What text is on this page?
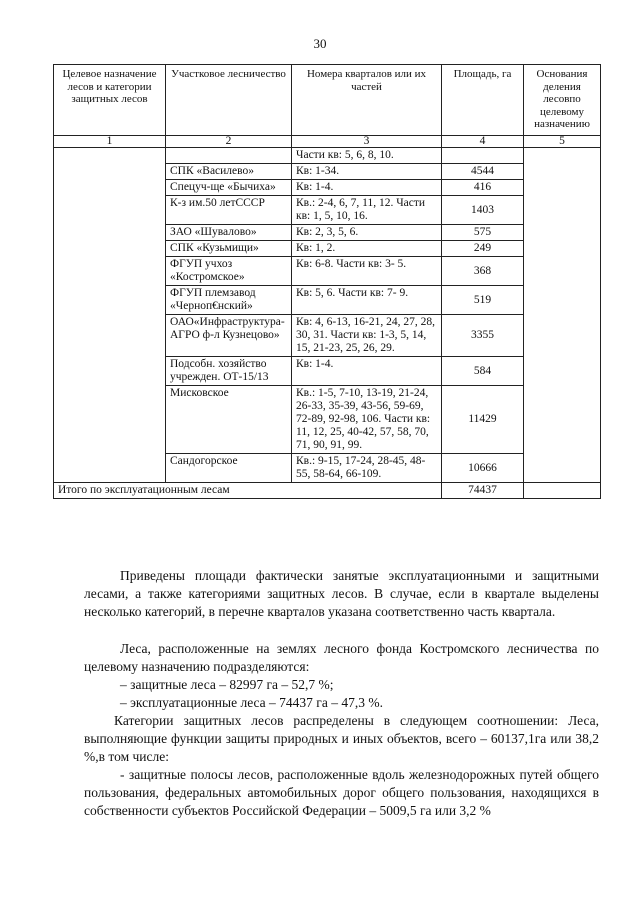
30
Целевое назначение лесов и категории защитных лесов	Участковое лесничество	Номера кварталов или их частей	Площадь, га	Основания деления лесовпо целевому назначению
1	2	3	4	5
		Части кв: 5, 6, 8, 10.		
	СПК «Василево»	Кв: 1-34.	4544	
	Спецуч-ще «Бычиха»	Кв: 1-4.	416	
	К-з им.50 летСССР	Кв.: 2-4, 6, 7, 11, 12. Части кв: 1, 5, 10, 16.	1403	
	ЗАО «Шувалово»	Кв: 2, 3, 5, 6.	575	
	СПК «Кузьмищи»	Кв: 1, 2.	249	
	ФГУП учхоз «Костромское»	Кв: 6-8. Части кв: 3- 5.	368	
	ФГУП племзавод «Черноп€нский»	Кв: 5, 6. Части кв: 7- 9.	519	
	ОАО«Инфраструктура-АГРО ф-л Кузнецово»	Кв: 4, 6-13, 16-21, 24, 27, 28, 30, 31. Части кв: 1-3, 5, 14, 15, 21-23, 25, 26, 29.	3355	
	Подсобн. хозяйство учрежден. ОТ-15/13	Кв: 1-4.	584	
	Мисковское	Кв.: 1-5, 7-10, 13-19, 21-24, 26-33, 35-39, 43-56, 59-69, 72-89, 92-98, 106. Части кв: 11, 12, 25, 40-42, 57, 58, 70, 71, 90, 91, 99.	11429	
	Сандогорское	Кв.: 9-15, 17-24, 28-45, 48-55, 58-64, 66-109.	10666	
Итого по эксплуатационным лесам			74437	

Приведены площади фактически занятые эксплуатационными и защитными лесами, а также категориями защитных лесов. В случае, если в квартале выделены несколько категорий, в перечне кварталов указана соответственно часть квартала.

Леса, расположенные на землях лесного фонда Костромского лесничества по целевому назначению подразделяются:

– защитные леса – 82997 га – 52,7 %;

– эксплуатационные леса – 74437 га – 47,3 %.

Категории защитных лесов распределены в следующем соотношении: Леса, выполняющие функции защиты природных и иных объектов, всего – 60137,1га или 38,2 %,в том числе:

- защитные полосы лесов, расположенные вдоль железнодорожных путей общего пользования, федеральных автомобильных дорог общего пользования, находящихся в собственности субъектов Российской Федерации – 5009,5 га или 3,2 %
